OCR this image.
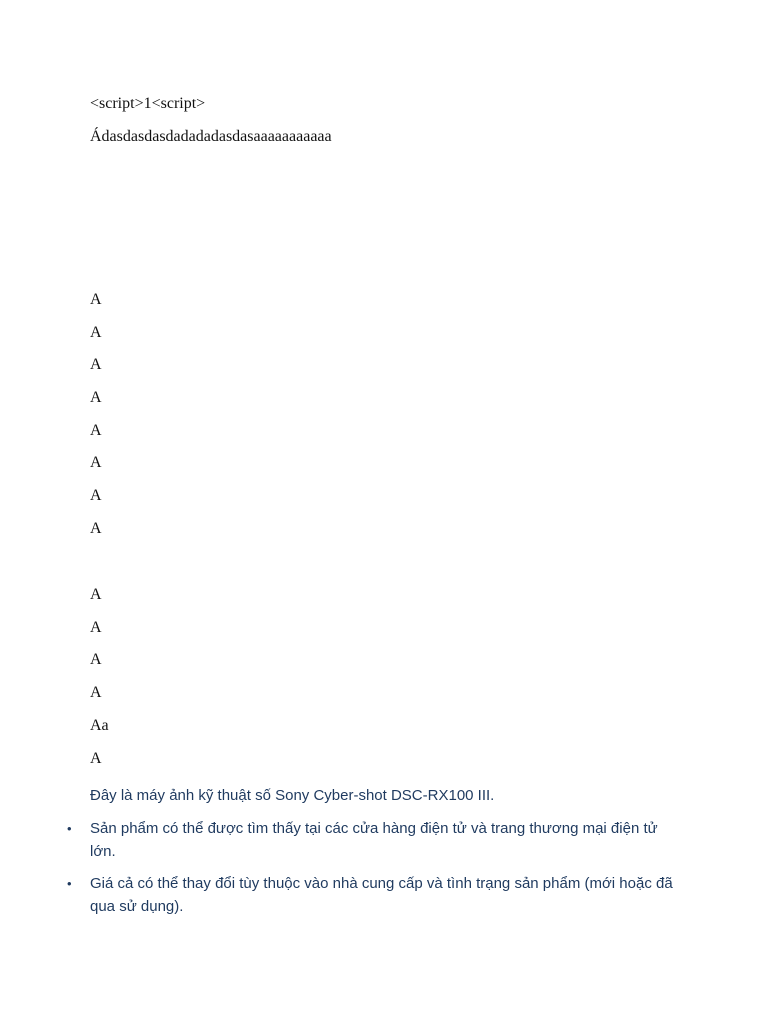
<script>1<script>

Ádasdasdasdadadadasdasaaaaaaaaaaa

A

A

A

A

A

A

A

A

A

A

A

A

Aa

A

Đây là máy ảnh kỹ thuật số Sony Cyber-shot DSC-RX100 III.

• Sản phẩm có thể được tìm thấy tại các cửa hàng điện tử và trang thương mại điện tử lớn.
• Giá cả có thể thay đổi tùy thuộc vào nhà cung cấp và tình trạng sản phẩm (mới hoặc đã qua sử dụng).
